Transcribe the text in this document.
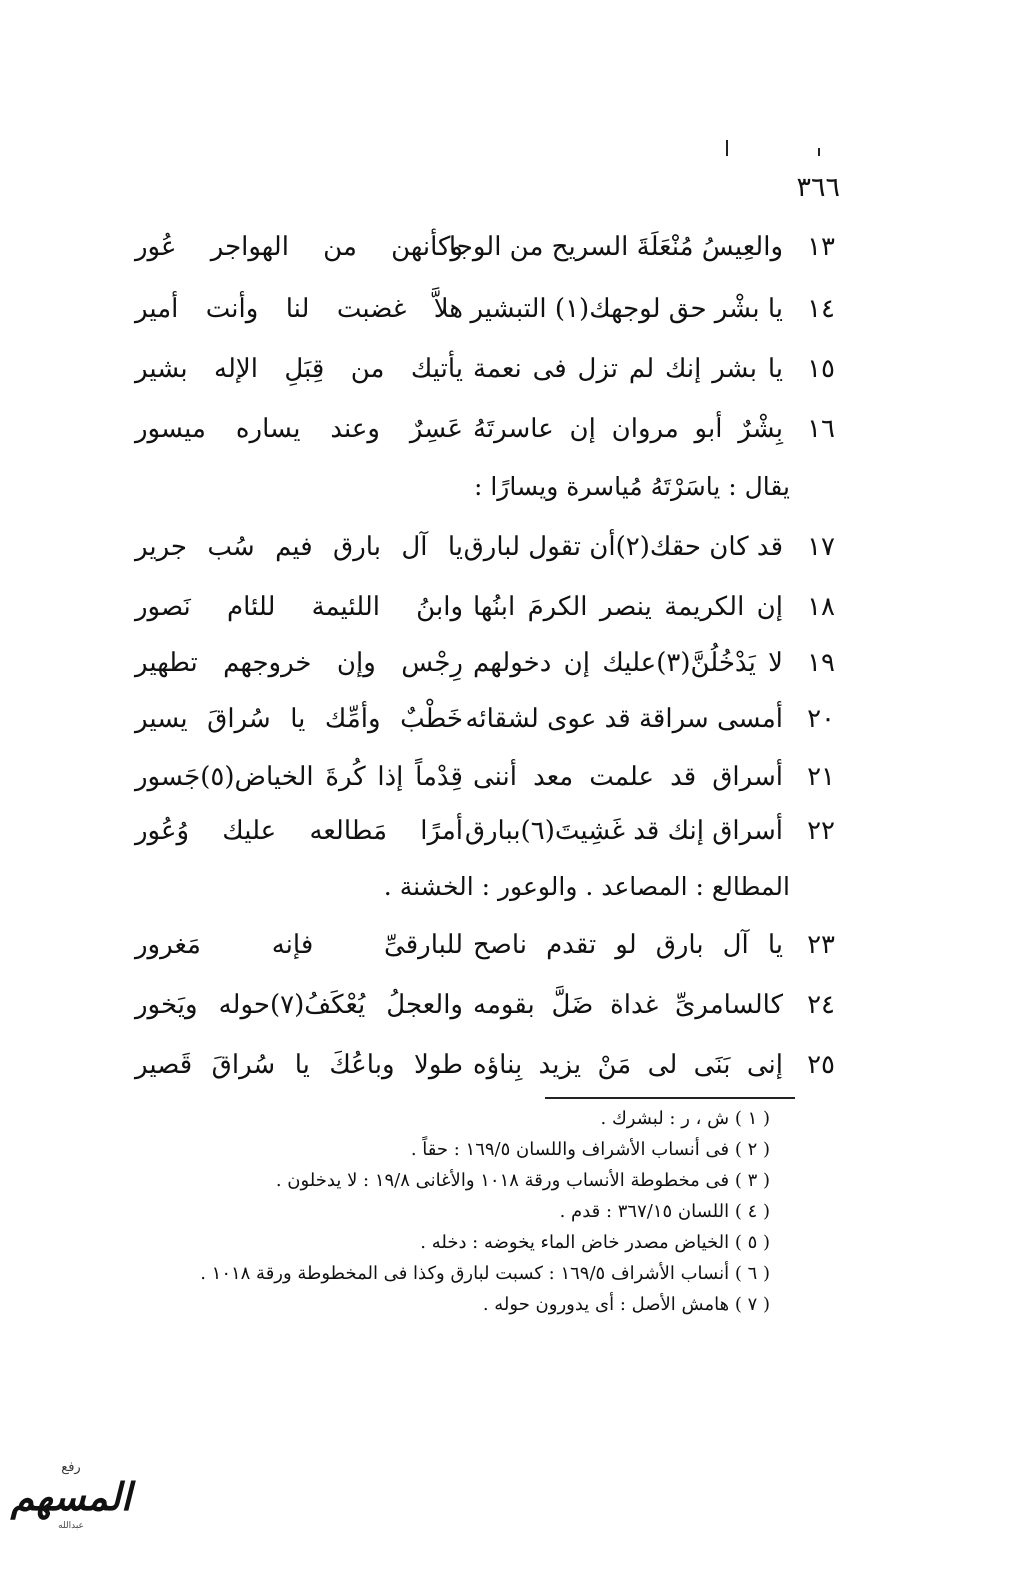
٣٦٦
١٣
والعِيسُ مُنْعَلَةَ السريح من الوجا
وكأنهن من الهواجر عُور
١٤
يا بشْر حق لوجهك(١) التبشير
هلاَّ غضبت لنا وأنت أمير
١٥
يا بشر إنك لم تزل فى نعمة
يأتيك من قِبَلِ الإله بشير
١٦
بِشْرٌ أبو مروان إن عاسرتَهُ
عَسِرٌ وعند يساره ميسور
١٧
قد كان حقك(٢)أن تقول لبارق
يا آل بارق فيم سُب جرير
١٨
إن الكريمة ينصر الكرمَ ابنُها
وابنُ اللئيمة للئام نَصور
١٩
لا يَدْخُلُنَّ(٣)عليك إن دخولهم
رِجْس وإن خروجهم تطهير
٢٠
أمسى سراقة قد عوى لشقائه
خَطْبٌ وأمِّك يا سُراقَ يسير
٢١
أسراق قد علمت معد أننى
قِدْماً إذا كُرةَ الخياض(٥)جَسور
٢٢
أسراق إنك قد غَشِيتَ(٦)ببارق
أمرًا مَطالعه عليك وُعُور
٢٣
يا آل بارق لو تقدم ناصح
للبارقىِّ فإنه مَغرور
٢٤
كالسامرىِّ غداة ضَلَّ بقومه
والعجلُ يُعْكَفُ(٧)حوله ويَخور
٢٥
إنى بَنَى لى مَنْ يزيد بِناؤه
طولا وباعُكَ يا سُراقَ قَصير
يقال : ياسَرْتَهُ مُياسرة ويسارًا :
المطالع : المصاعد . والوعور : الخشنة .
( ١ ) ش ، ر : لبشرك .
( ٢ ) فى أنساب الأشراف واللسان ١٦٩/٥ : حقاً .
( ٣ ) فى مخطوطة الأنساب ورقة ١٠١٨ والأغانى ١٩/٨ : لا يدخلون .
( ٤ ) اللسان ٣٦٧/١٥ : قدم .
( ٥ ) الخياض مصدر خاض الماء يخوضه : دخله .
( ٦ ) أنساب الأشراف ١٦٩/٥ : كسبت لبارق وكذا فى المخطوطة ورقة ١٠١٨ .
( ٧ ) هامش الأصل : أى يدورون حوله .
رفع
المسهم
عبدالله
